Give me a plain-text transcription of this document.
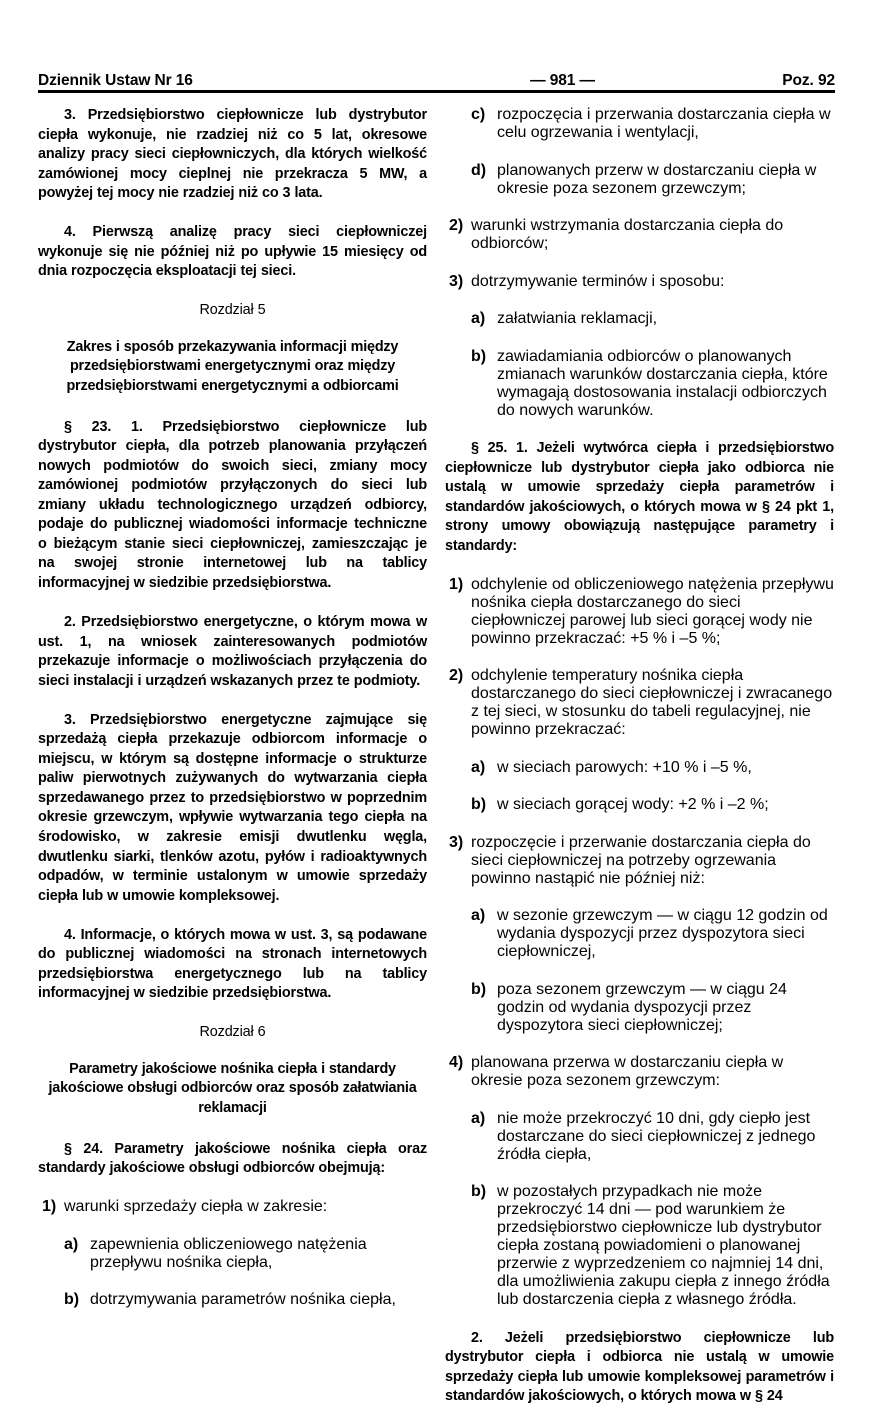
Dziennik Ustaw Nr 16	— 981 —	Poz. 92

3. Przedsiębiorstwo ciepłownicze lub dystrybutor ciepła wykonuje, nie rzadziej niż co 5 lat, okresowe analizy pracy sieci ciepłowniczych, dla których wielkość zamówionej mocy cieplnej nie przekracza 5 MW, a powyżej tej mocy nie rzadziej niż co 3 lata.

4. Pierwszą analizę pracy sieci ciepłowniczej wykonuje się nie później niż po upływie 15 miesięcy od dnia rozpoczęcia eksploatacji tej sieci.

Rozdział 5
Zakres i sposób przekazywania informacji między przedsiębiorstwami energetycznymi oraz między przedsiębiorstwami energetycznymi a odbiorcami

§ 23. 1. Przedsiębiorstwo ciepłownicze lub dystrybutor ciepła, dla potrzeb planowania przyłączeń nowych podmiotów do swoich sieci, zmiany mocy zamówionej podmiotów przyłączonych do sieci lub zmiany układu technologicznego urządzeń odbiorcy, podaje do publicznej wiadomości informacje techniczne o bieżącym stanie sieci ciepłowniczej, zamieszczając je na swojej stronie internetowej lub na tablicy informacyjnej w siedzibie przedsiębiorstwa.

2. Przedsiębiorstwo energetyczne, o którym mowa w ust. 1, na wniosek zainteresowanych podmiotów przekazuje informacje o możliwościach przyłączenia do sieci instalacji i urządzeń wskazanych przez te podmioty.

3. Przedsiębiorstwo energetyczne zajmujące się sprzedażą ciepła przekazuje odbiorcom informacje o miejscu, w którym są dostępne informacje o strukturze paliw pierwotnych zużywanych do wytwarzania ciepła sprzedawanego przez to przedsiębiorstwo w poprzednim okresie grzewczym, wpływie wytwarzania tego ciepła na środowisko, w zakresie emisji dwutlenku węgla, dwutlenku siarki, tlenków azotu, pyłów i radioaktywnych odpadów, w terminie ustalonym w umowie sprzedaży ciepła lub w umowie kompleksowej.

4. Informacje, o których mowa w ust. 3, są podawane do publicznej wiadomości na stronach internetowych przedsiębiorstwa energetycznego lub na tablicy informacyjnej w siedzibie przedsiębiorstwa.

Rozdział 6
Parametry jakościowe nośnika ciepła i standardy jakościowe obsługi odbiorców oraz sposób załatwiania reklamacji

§ 24. Parametry jakościowe nośnika ciepła oraz standardy jakościowe obsługi odbiorców obejmują:

1) warunki sprzedaży ciepła w zakresie:
a) zapewnienia obliczeniowego natężenia przepływu nośnika ciepła,
b) dotrzymywania parametrów nośnika ciepła,
c) rozpoczęcia i przerwania dostarczania ciepła w celu ogrzewania i wentylacji,
d) planowanych przerw w dostarczaniu ciepła w okresie poza sezonem grzewczym;
2) warunki wstrzymania dostarczania ciepła do odbiorców;
3) dotrzymywanie terminów i sposobu:
a) załatwiania reklamacji,
b) zawiadamiania odbiorców o planowanych zmianach warunków dostarczania ciepła, które wymagają dostosowania instalacji odbiorczych do nowych warunków.

§ 25. 1. Jeżeli wytwórca ciepła i przedsiębiorstwo ciepłownicze lub dystrybutor ciepła jako odbiorca nie ustalą w umowie sprzedaży ciepła parametrów i standardów jakościowych, o których mowa w § 24 pkt 1, strony umowy obowiązują następujące parametry i standardy:

1) odchylenie od obliczeniowego natężenia przepływu nośnika ciepła dostarczanego do sieci ciepłowniczej parowej lub sieci gorącej wody nie powinno przekraczać: +5 % i –5 %;
2) odchylenie temperatury nośnika ciepła dostarczanego do sieci ciepłowniczej i zwracanego z tej sieci, w stosunku do tabeli regulacyjnej, nie powinno przekraczać:
a) w sieciach parowych: +10 % i –5 %,
b) w sieciach gorącej wody: +2 % i –2 %;
3) rozpoczęcie i przerwanie dostarczania ciepła do sieci ciepłowniczej na potrzeby ogrzewania powinno nastąpić nie później niż:
a) w sezonie grzewczym — w ciągu 12 godzin od wydania dyspozycji przez dyspozytora sieci ciepłowniczej,
b) poza sezonem grzewczym — w ciągu 24 godzin od wydania dyspozycji przez dyspozytora sieci ciepłowniczej;
4) planowana przerwa w dostarczaniu ciepła w okresie poza sezonem grzewczym:
a) nie może przekroczyć 10 dni, gdy ciepło jest dostarczane do sieci ciepłowniczej z jednego źródła ciepła,
b) w pozostałych przypadkach nie może przekroczyć 14 dni — pod warunkiem że przedsiębiorstwo ciepłownicze lub dystrybutor ciepła zostaną powiadomieni o planowanej przerwie z wyprzedzeniem co najmniej 14 dni, dla umożliwienia zakupu ciepła z innego źródła lub dostarczenia ciepła z własnego źródła.

2. Jeżeli przedsiębiorstwo ciepłownicze lub dystrybutor ciepła i odbiorca nie ustalą w umowie sprzedaży ciepła lub umowie kompleksowej parametrów i standardów jakościowych, o których mowa w § 24
